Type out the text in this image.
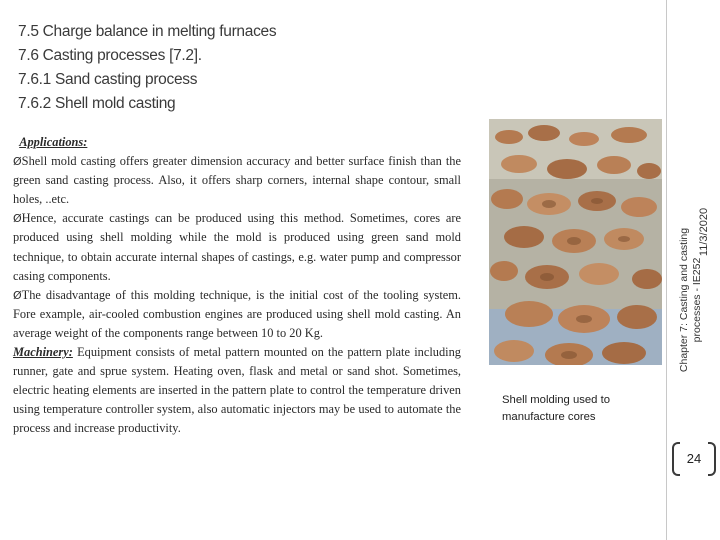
7.5 Charge balance in melting furnaces
7.6 Casting processes [7.2].
7.6.1 Sand casting process
7.6.2 Shell mold casting

Applications:

ØShell mold casting offers greater dimension accuracy and better surface finish than the green sand casting process. Also, it offers sharp corners, internal shape contour, small holes, ..etc.

ØHence, accurate castings can be produced using this method. Sometimes, cores are produced using shell molding while the mold is produced using green sand mold technique, to obtain accurate internal shapes of castings, e.g. water pump and compressor casing components.

ØThe disadvantage of this molding technique, is the initial cost of the tooling system. Fore example, air-cooled combustion engines are produced using shell mold casting. An average weight of the components range between 10 to 20 Kg.

Machinery: Equipment consists of metal pattern mounted on the pattern plate including runner, gate and sprue system. Heating oven, flask and metal or sand shot. Sometimes, electric heating elements are inserted in the pattern plate to control the temperature driven using temperature controller system, also automatic injectors may be used to automate the process and increase productivity.

Shell molding used to manufacture cores
11/3/2020
Chapter 7: Casting and casting processes - IE252
24
